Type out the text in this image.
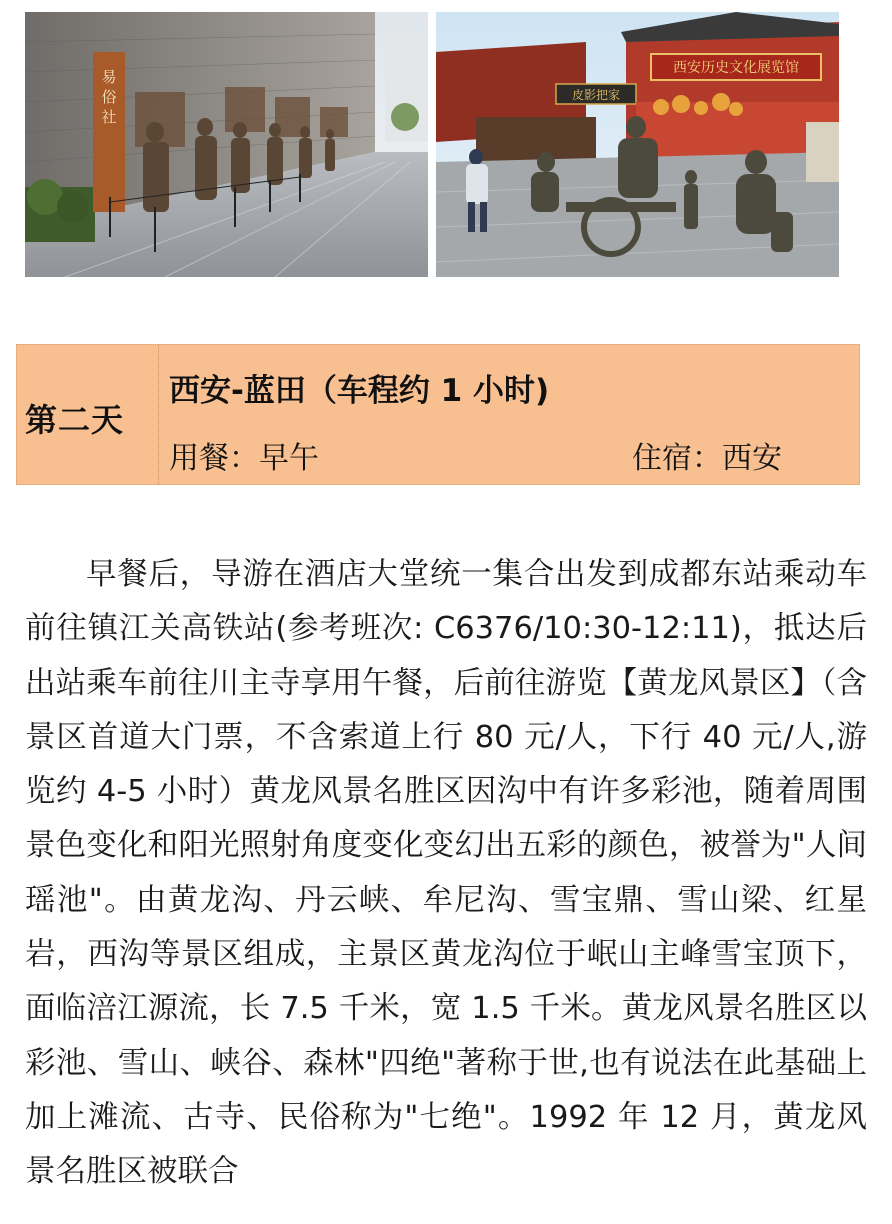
易
俗
社
西安历史文化展览馆
皮影把家
第二天
西安-蓝田（车程约 1 小时)
用餐：早午	住宿：西安

早餐后，导游在酒店大堂统一集合出发到成都东站乘动车前往镇江关高铁站(参考班次: C6376/10:30-12:11)，抵达后出站乘车前往川主寺享用午餐，后前往游览【黄龙风景区】（含景区首道大门票，不含索道上行 80 元/人，下行 40 元/人,游览约 4-5 小时）黄龙风景名胜区因沟中有许多彩池，随着周围景色变化和阳光照射角度变化变幻出五彩的颜色，被誉为"人间瑶池"。由黄龙沟、丹云峡、牟尼沟、雪宝鼎、雪山梁、红星岩，西沟等景区组成，主景区黄龙沟位于岷山主峰雪宝顶下，面临涪江源流，长 7.5 千米，宽 1.5 千米。黄龙风景名胜区以彩池、雪山、峡谷、森林"四绝"著称于世,也有说法在此基础上加上滩流、古寺、民俗称为"七绝"。1992 年 12 月，黄龙风景名胜区被联合
